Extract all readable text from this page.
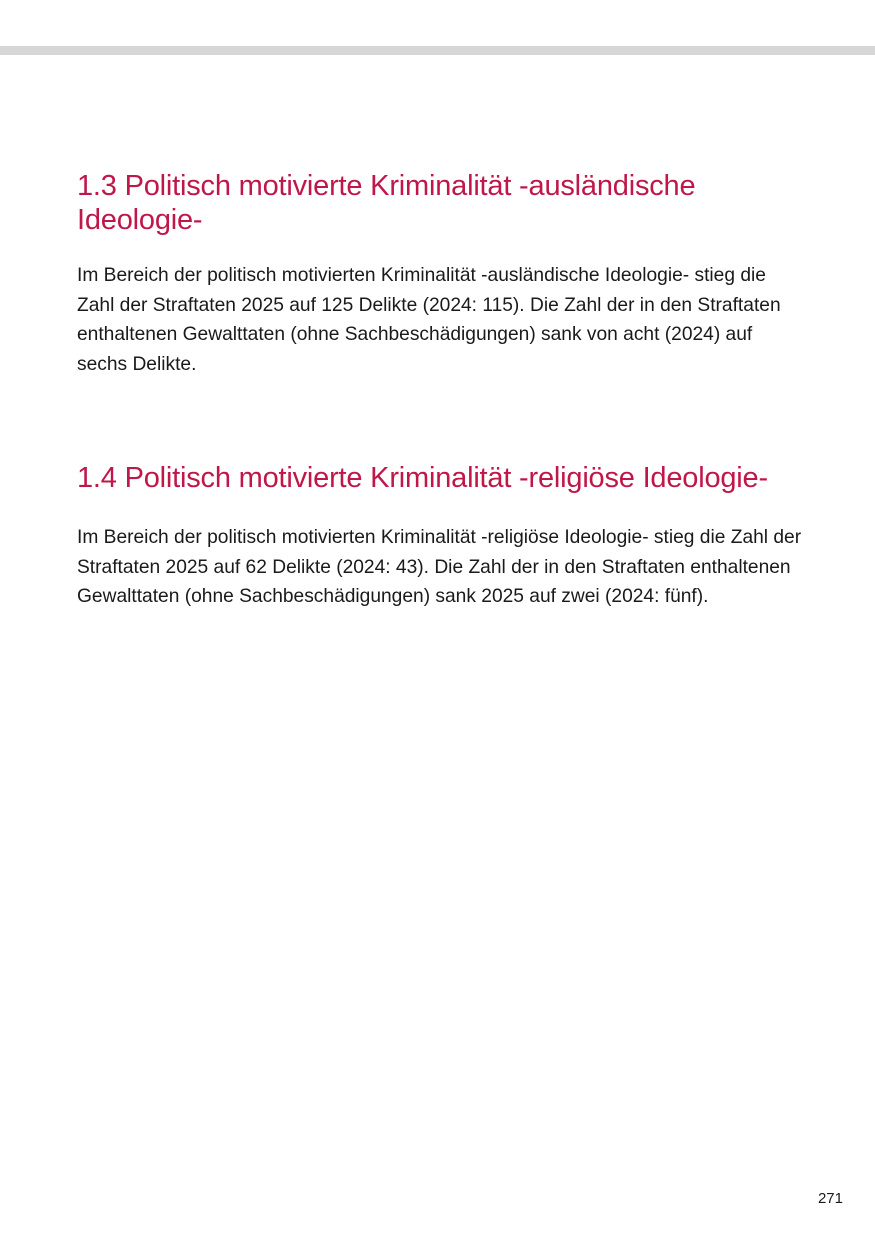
1.3 Politisch motivierte Kriminalität -ausländische Ideologie-

Im Bereich der politisch motivierten Kriminalität -ausländische Ideologie- stieg die Zahl der Straftaten 2025 auf 125 Delikte (2024: 115). Die Zahl der in den Straftaten enthaltenen Gewalttaten (ohne Sachbeschädigungen) sank von acht (2024) auf sechs Delikte.

1.4 Politisch motivierte Kriminalität -religiöse Ideologie-

Im Bereich der politisch motivierten Kriminalität -religiöse Ideologie- stieg die Zahl der Straftaten 2025 auf 62 Delikte (2024: 43). Die Zahl der in den Straftaten enthaltenen Gewalttaten (ohne Sachbeschädigungen) sank 2025 auf zwei (2024: fünf).

271
